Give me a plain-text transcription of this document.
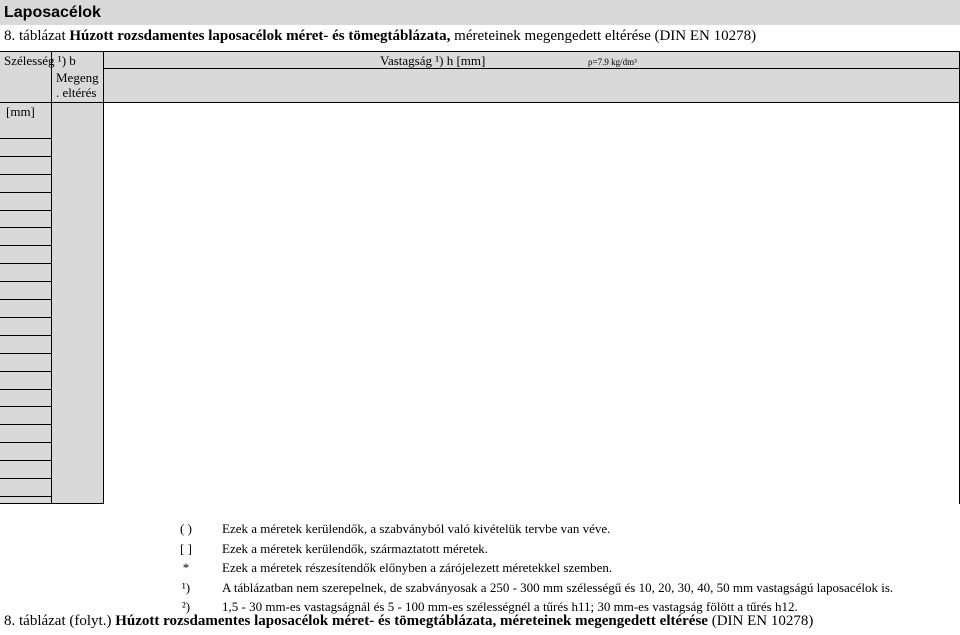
Laposacélok
8. táblázat Húzott rozsdamentes laposacélok méret- és tömegtáblázata, méreteinek megengedett eltérése (DIN EN 10278)
Szélesség ¹) b	Vastagság ¹) h [mm]	ρ=7.9 kg/dm³
Megeng
. eltérés
[mm]
( )	Ezek a méretek kerülendők, a szabványból való kivételük tervbe van véve.
[ ]	Ezek a méretek kerülendők, származtatott méretek.
*	Ezek a méretek részesítendők előnyben a zárójelezett méretekkel szemben.
¹)	A táblázatban nem szerepelnek, de szabványosak a 250 - 300 mm szélességű és 10, 20, 30, 40, 50 mm vastagságú laposacélok is.
²)	1,5 - 30 mm-es vastagságnál és 5 - 100 mm-es szélességnél a tűrés h11; 30 mm-es vastagság fölött a tűrés h12.
8. táblázat (folyt.) Húzott rozsdamentes laposacélok méret- és tömegtáblázata, méreteinek megengedett eltérése (DIN EN 10278)
